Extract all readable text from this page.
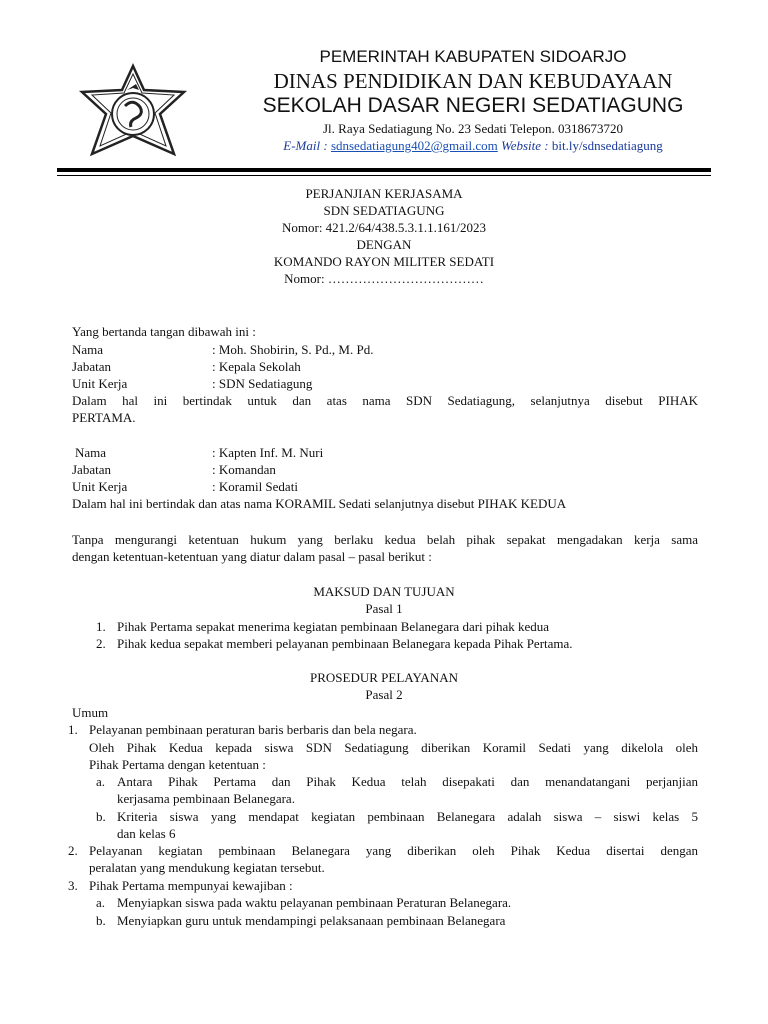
PEMERINTAH KABUPATEN SIDOARJO
DINAS PENDIDIKAN DAN KEBUDAYAAN
SEKOLAH DASAR NEGERI SEDATIAGUNG
Jl. Raya Sedatiagung No. 23 Sedati Telepon. 0318673720
E-Mail : sdnsedatiagung402@gmail.com Website : bit.ly/sdnsedatiagung
PERJANJIAN KERJASAMA
SDN SEDATIAGUNG
Nomor: 421.2/64/438.5.3.1.1.161/2023
DENGAN
KOMANDO RAYON MILITER SEDATI
Nomor: ………………………………
Yang bertanda tangan dibawah ini :
Nama	: Moh. Shobirin, S. Pd., M. Pd.
Jabatan	: Kepala Sekolah
Unit Kerja	: SDN Sedatiagung
Dalam hal ini bertindak untuk dan atas nama SDN Sedatiagung, selanjutnya disebut PIHAK
PERTAMA.
Nama	: Kapten Inf. M. Nuri
Jabatan	: Komandan
Unit Kerja	: Koramil Sedati
Dalam hal ini bertindak dan atas nama KORAMIL Sedati selanjutnya disebut PIHAK KEDUA
Tanpa mengurangi ketentuan hukum yang berlaku kedua belah pihak sepakat mengadakan kerja sama
dengan ketentuan-ketentuan yang diatur dalam pasal – pasal berikut :
MAKSUD DAN TUJUAN
Pasal 1
1. Pihak Pertama sepakat menerima kegiatan pembinaan Belanegara dari pihak kedua
2. Pihak kedua sepakat memberi pelayanan pembinaan Belanegara kepada Pihak Pertama.
PROSEDUR PELAYANAN
Pasal 2
Umum
1. Pelayanan pembinaan peraturan baris berbaris dan bela negara.
Oleh Pihak Kedua kepada siswa SDN Sedatiagung diberikan Koramil Sedati yang dikelola oleh
Pihak Pertama dengan ketentuan :
a. Antara Pihak Pertama dan Pihak Kedua telah disepakati dan menandatangani perjanjian
kerjasama pembinaan Belanegara.
b. Kriteria siswa yang mendapat kegiatan pembinaan Belanegara adalah siswa – siswi kelas 5
dan kelas 6
2. Pelayanan kegiatan pembinaan Belanegara yang diberikan oleh Pihak Kedua disertai dengan
peralatan yang mendukung kegiatan tersebut.
3. Pihak Pertama mempunyai kewajiban :
a. Menyiapkan siswa pada waktu pelayanan pembinaan Peraturan Belanegara.
b. Menyiapkan guru untuk mendampingi pelaksanaan pembinaan Belanegara
